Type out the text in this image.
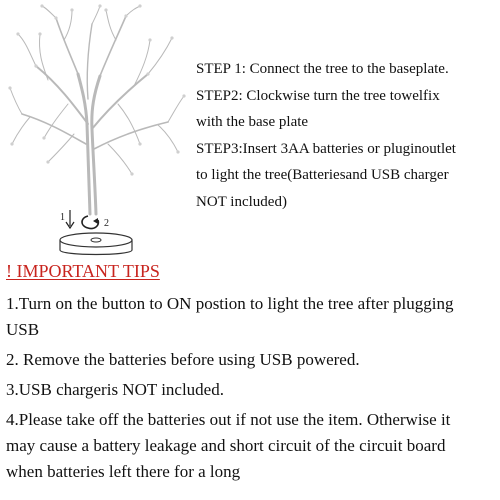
1
2

STEP 1: Connect the tree to the baseplate.

STEP2: Clockwise turn the tree towelfix

with the base plate

STEP3:Insert 3AA batteries or pluginoutlet

to light the tree(Batteriesand USB charger

NOT included)

! IMPORTANT TIPS

1.Turn on the button to ON postion to light the tree after plugging

USB

2. Remove the batteries before using USB powered.

3.USB chargeris NOT included.

4.Please take off the batteries out if not use the item. Otherwise it

may cause a battery leakage and short circuit of the circuit board

when batteries left there for a long
